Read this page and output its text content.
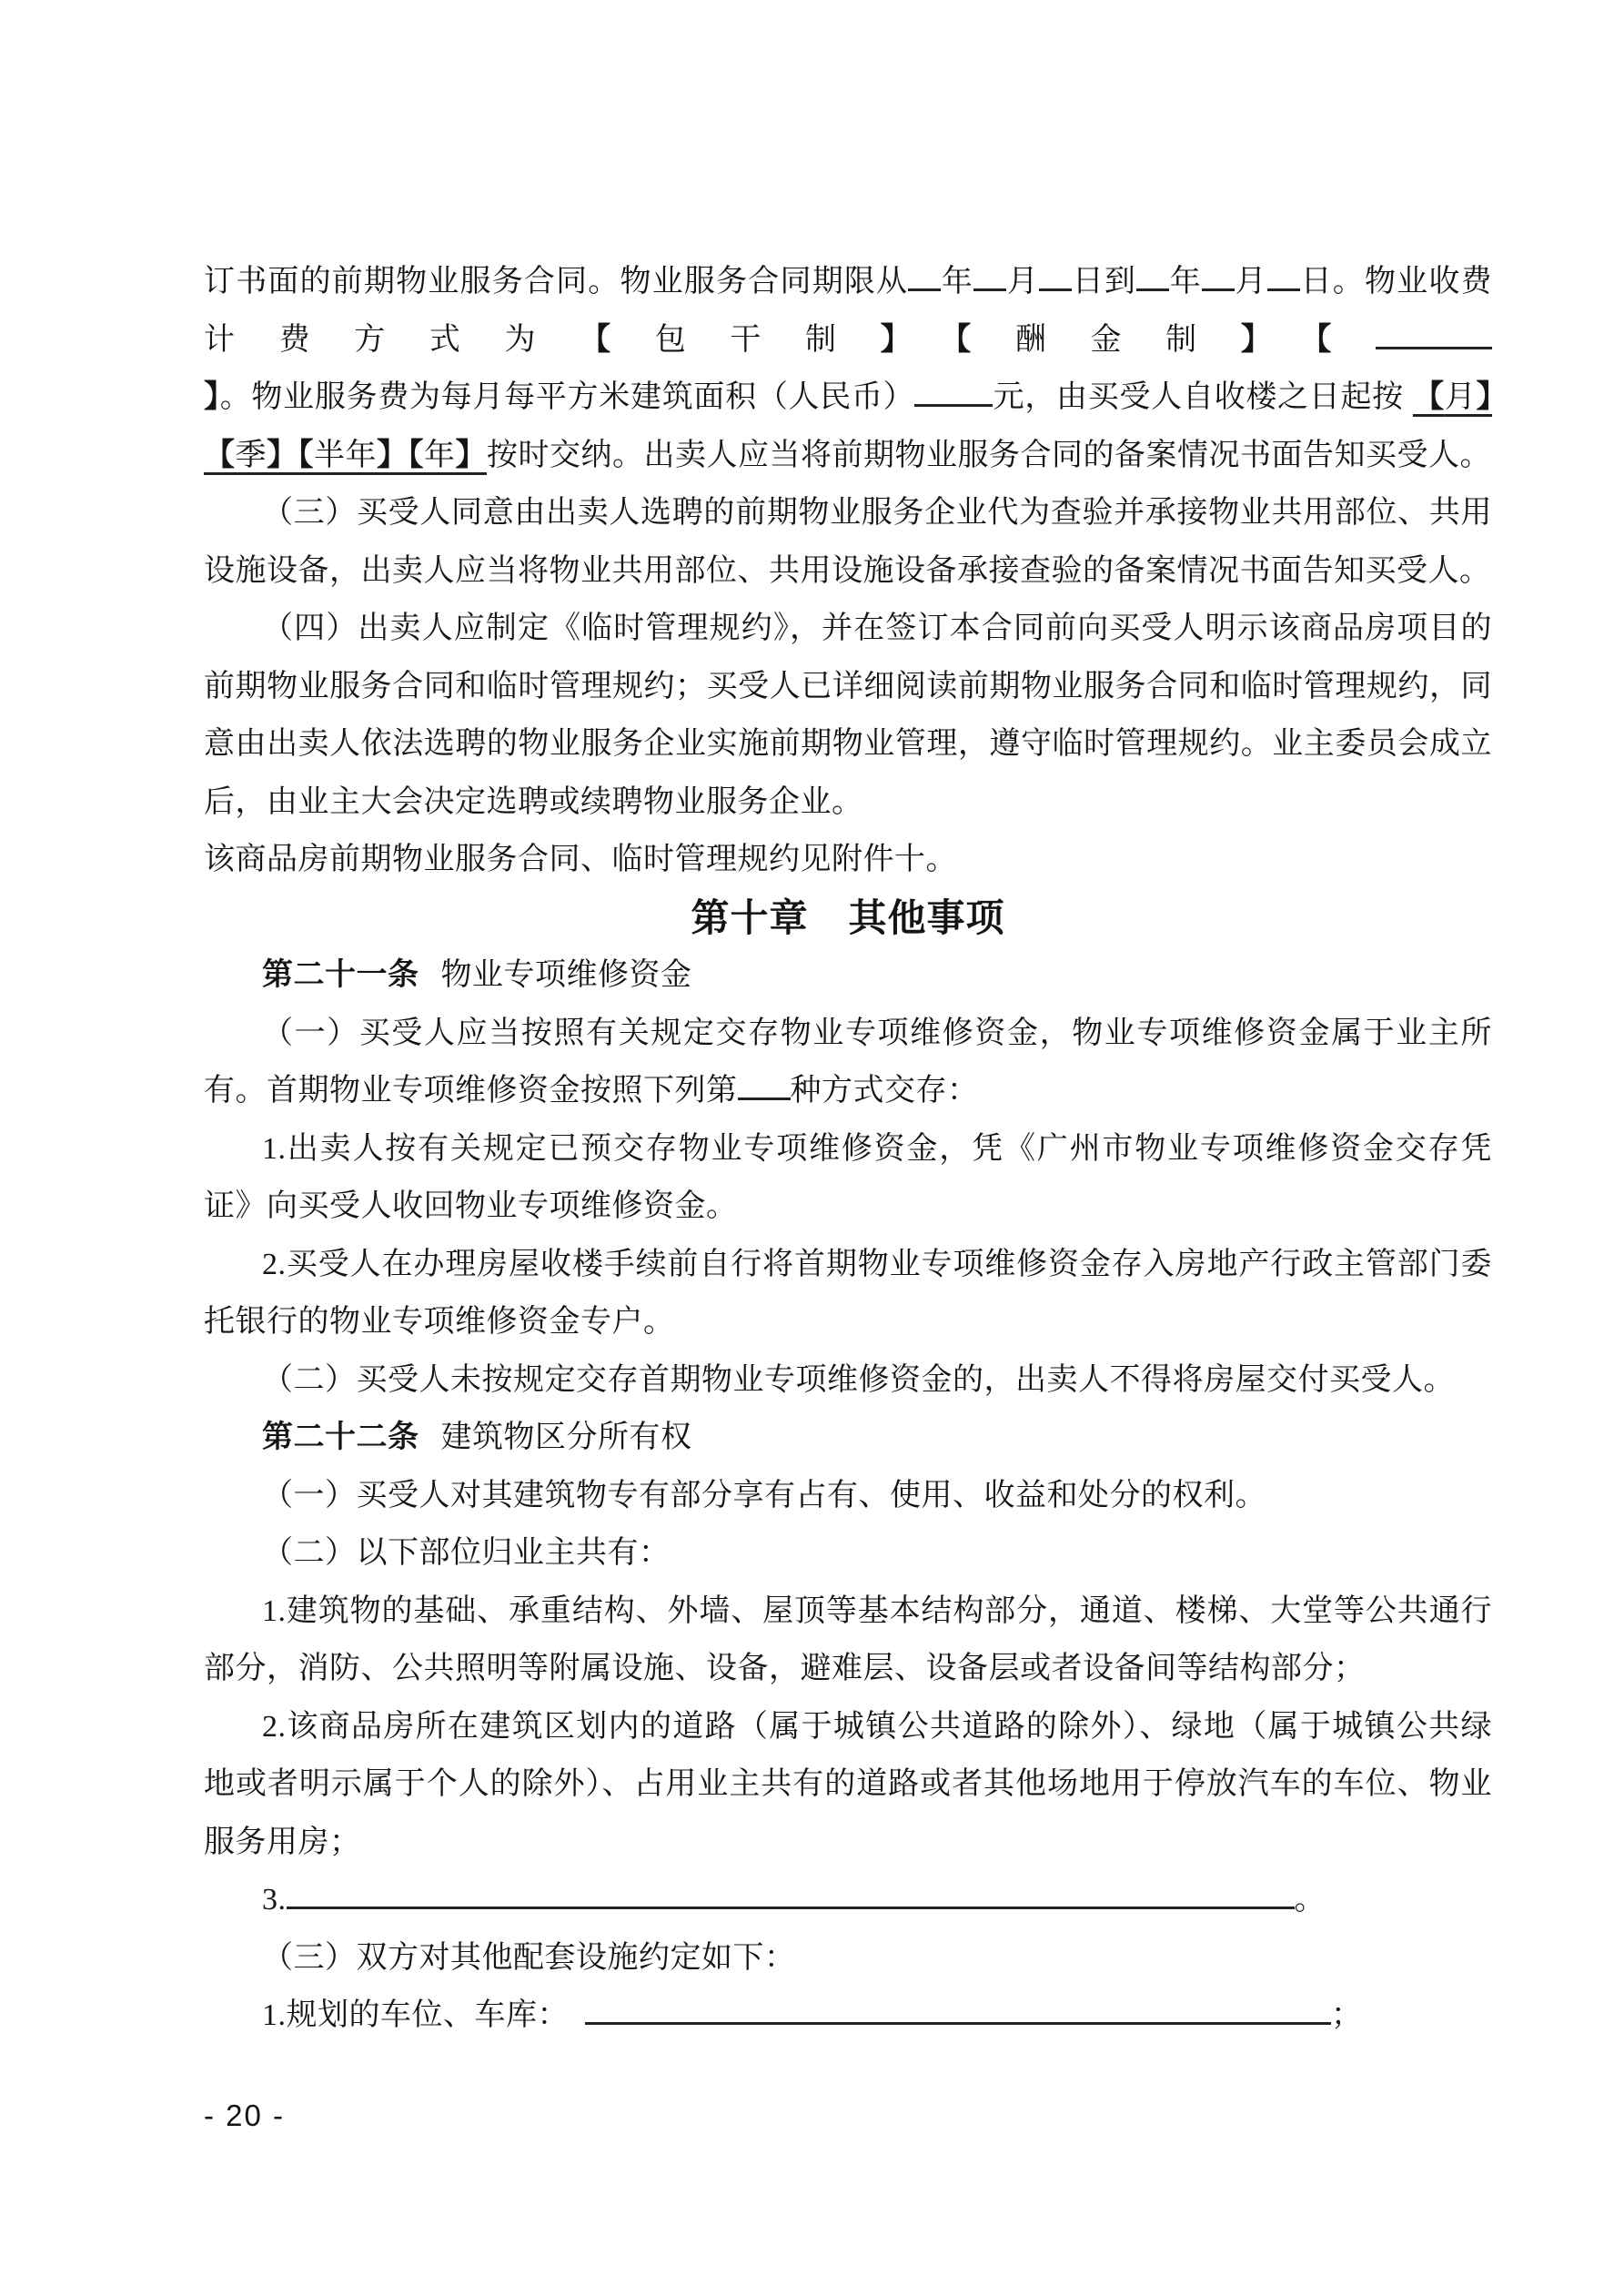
订书面的前期物业服务合同。物业服务合同期限从 年 月 日到 年 月 日。物业收费计费方式为【包干制】【酬金制】【】。物业服务费为每月每平方米建筑面积（人民币）	元，由买受人自收楼之日起按 【月】【季】【半年】【年】按时交纳。出卖人应当将前期物业服务合同的备案情况书面告知买受人。

（三）买受人同意由出卖人选聘的前期物业服务企业代为查验并承接物业共用部位、共用设施设备，出卖人应当将物业共用部位、共用设施设备承接查验的备案情况书面告知买受人。

（四）出卖人应制定《临时管理规约》，并在签订本合同前向买受人明示该商品房项目的前期物业服务合同和临时管理规约；买受人已详细阅读前期物业服务合同和临时管理规约，同意由出卖人依法选聘的物业服务企业实施前期物业管理，遵守临时管理规约。业主委员会成立后，由业主大会决定选聘或续聘物业服务企业。

该商品房前期物业服务合同、临时管理规约见附件十。

第十章 其他事项

第二十一条 物业专项维修资金

（一）买受人应当按照有关规定交存物业专项维修资金，物业专项维修资金属于业主所有。首期物业专项维修资金按照下列第 种方式交存：

1.出卖人按有关规定已预交存物业专项维修资金，凭《广州市物业专项维修资金交存凭证》向买受人收回物业专项维修资金。

2.买受人在办理房屋收楼手续前自行将首期物业专项维修资金存入房地产行政主管部门委托银行的物业专项维修资金专户。

（二）买受人未按规定交存首期物业专项维修资金的，出卖人不得将房屋交付买受人。

第二十二条 建筑物区分所有权

（一）买受人对其建筑物专有部分享有占有、使用、收益和处分的权利。

（二）以下部位归业主共有：

1.建筑物的基础、承重结构、外墙、屋顶等基本结构部分，通道、楼梯、大堂等公共通行部分，消防、公共照明等附属设施、设备，避难层、设备层或者设备间等结构部分；

2.该商品房所在建筑区划内的道路（属于城镇公共道路的除外）、绿地（属于城镇公共绿地或者明示属于个人的除外）、占用业主共有的道路或者其他场地用于停放汽车的车位、物业服务用房；

3.	。

（三）双方对其他配套设施约定如下：

1.规划的车位、车库：	；

- 20 -
